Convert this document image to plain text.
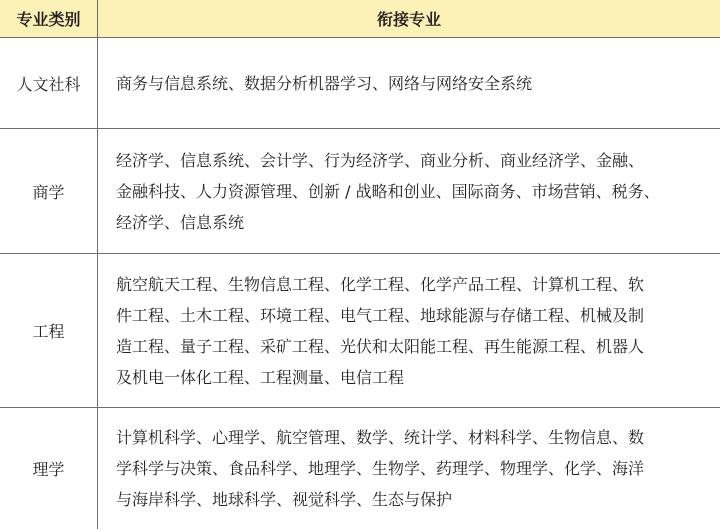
专业类别	衔接专业
人文社科	商务与信息系统、数据分析机器学习、网络与网络安全系统
商学
经济学、信息系统、会计学、行为经济学、商业分析、商业经济学、金融、
金融科技、人力资源管理、创新 / 战略和创业、国际商务、市场营销、税务、
经济学、信息系统
工程
航空航天工程、生物信息工程、化学工程、化学产品工程、计算机工程、软
件工程、土木工程、环境工程、电气工程、地球能源与存储工程、机械及制
造工程、量子工程、采矿工程、光伏和太阳能工程、再生能源工程、机器人
及机电一体化工程、工程测量、电信工程
理学
计算机科学、心理学、航空管理、数学、统计学、材料科学、生物信息、数
学科学与决策、食品科学、地理学、生物学、药理学、物理学、化学、海洋
与海岸科学、地球科学、视觉科学、生态与保护
